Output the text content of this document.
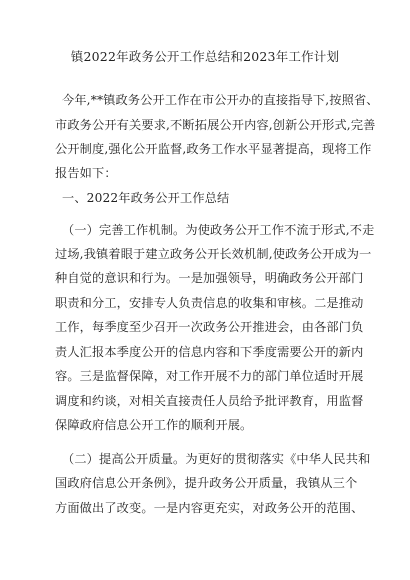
镇2022年政务公开工作总结和2023年工作计划
今年,**镇政务公开工作在市公开办的直接指导下,按照省、
市政务公开有关要求,不断拓展公开内容,创新公开形式,完善
公开制度,强化公开监督,政务工作水平显著提高，现将工作
报告如下：
一、2022年政务公开工作总结
（一）完善工作机制。为使政务公开工作不流于形式,不走
过场,我镇着眼于建立政务公开长效机制,使政务公开成为一
种自觉的意识和行为。一是加强领导，明确政务公开部门
职责和分工，安排专人负责信息的收集和审核。二是推动
工作，每季度至少召开一次政务公开推进会，由各部门负
责人汇报本季度公开的信息内容和下季度需要公开的新内
容。三是监督保障，对工作开展不力的部门单位适时开展
调度和约谈，对相关直接责任人员给予批评教育，用监督
保障政府信息公开工作的顺利开展。
（二）提高公开质量。为更好的贯彻落实《中华人民共和
国政府信息公开条例》，提升政务公开质量，我镇从三个
方面做出了改变。一是内容更充实，对政务公开的范围、
